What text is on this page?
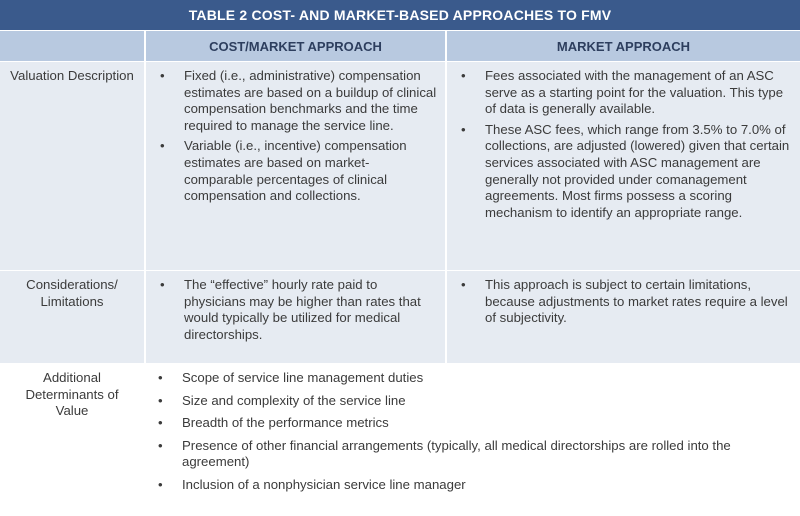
TABLE 2 COST- AND MARKET-BASED APPROACHES TO FMV
COST/MARKET APPROACH	MARKET APPROACH
Valuation Description	• Fixed (i.e., administrative) compensation estimates are based on a buildup of clinical compensation benchmarks and the time required to manage the service line.
• Variable (i.e., incentive) compensation estimates are based on market-comparable percentages of clinical compensation and collections.
• Fees associated with the management of an ASC serve as a starting point for the valuation. This type of data is generally available.
• These ASC fees, which range from 3.5% to 7.0% of collections, are adjusted (lowered) given that certain services associated with ASC management are generally not provided under comanagement agreements. Most firms possess a scoring mechanism to identify an appropriate range.
Considerations/ Limitations
• The “effective” hourly rate paid to physicians may be higher than rates that would typically be utilized for medical directorships.
• This approach is subject to certain limitations, because adjustments to market rates require a level of subjectivity.
Additional Determinants of Value
• Scope of service line management duties
• Size and complexity of the service line
• Breadth of the performance metrics
• Presence of other financial arrangements (typically, all medical directorships are rolled into the agreement)
• Inclusion of a nonphysician service line manager
